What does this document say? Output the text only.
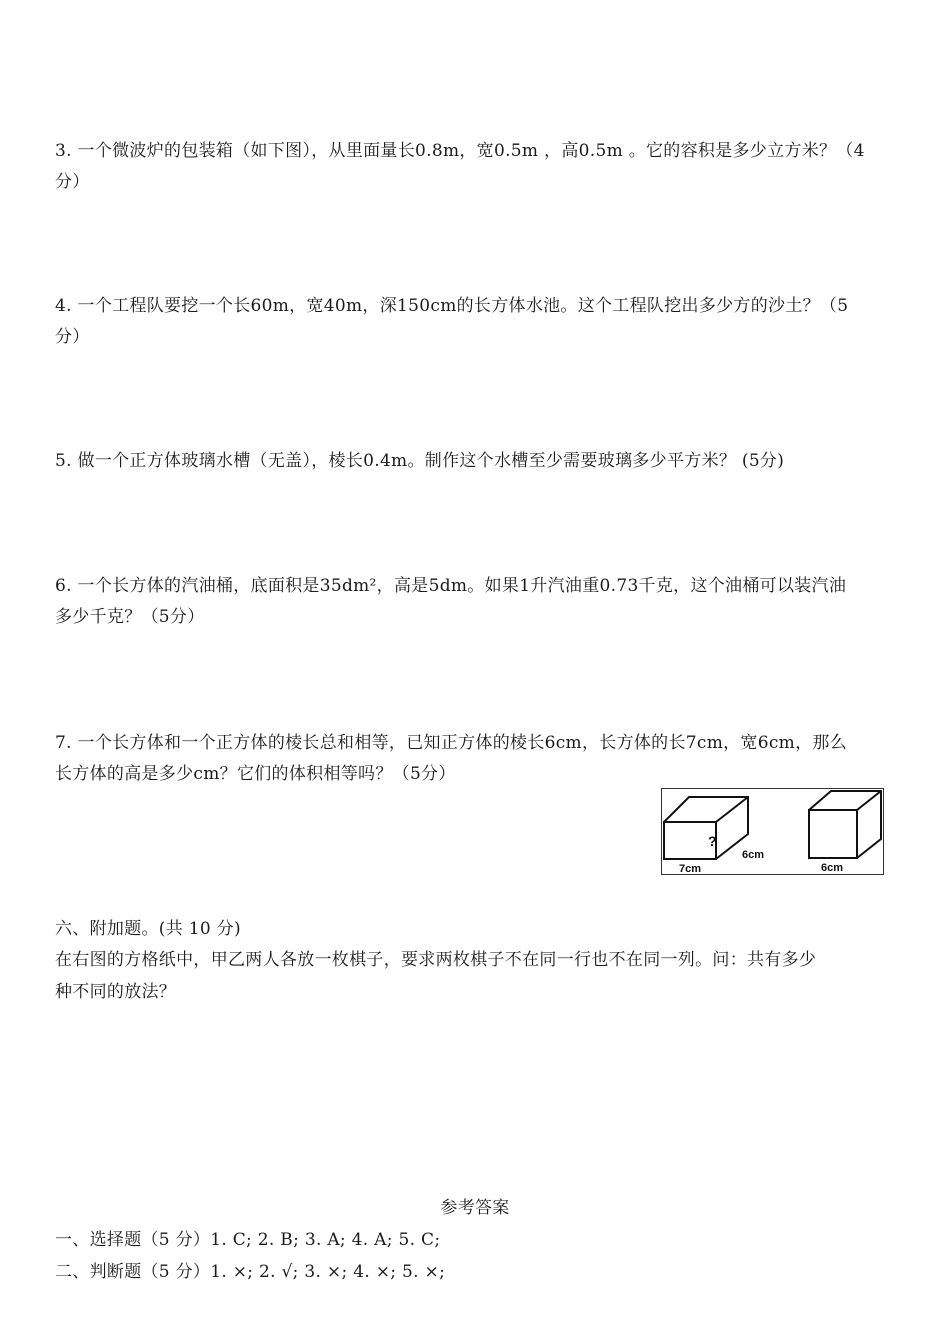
3. 一个微波炉的包装箱（如下图），从里面量长0.8m，宽0.5m ，高0.5m 。它的容积是多少立方米？（4
分）
4. 一个工程队要挖一个长60m，宽40m，深150cm的长方体水池。这个工程队挖出多少方的沙土？（5
分）
5. 做一个正方体玻璃水槽（无盖），棱长0.4m。制作这个水槽至少需要玻璃多少平方米？ (5分)
6. 一个长方体的汽油桶，底面积是35dm²，高是5dm。如果1升汽油重0.73千克，这个油桶可以装汽油
多少千克？（5分）
7. 一个长方体和一个正方体的棱长总和相等，已知正方体的棱长6cm，长方体的长7cm，宽6cm，那么
长方体的高是多少cm？它们的体积相等吗？（5分）
?
6cm
7cm	6cm
六、附加题。(共 10 分)
在右图的方格纸中，甲乙两人各放一枚棋子，要求两枚棋子不在同一行也不在同一列。问：共有多少
种不同的放法？
参考答案
一、选择题（5 分）1. C; 2. B; 3. A; 4. A; 5. C;
二、判断题（5 分）1. ×; 2. √; 3. ×; 4. ×; 5. ×;
